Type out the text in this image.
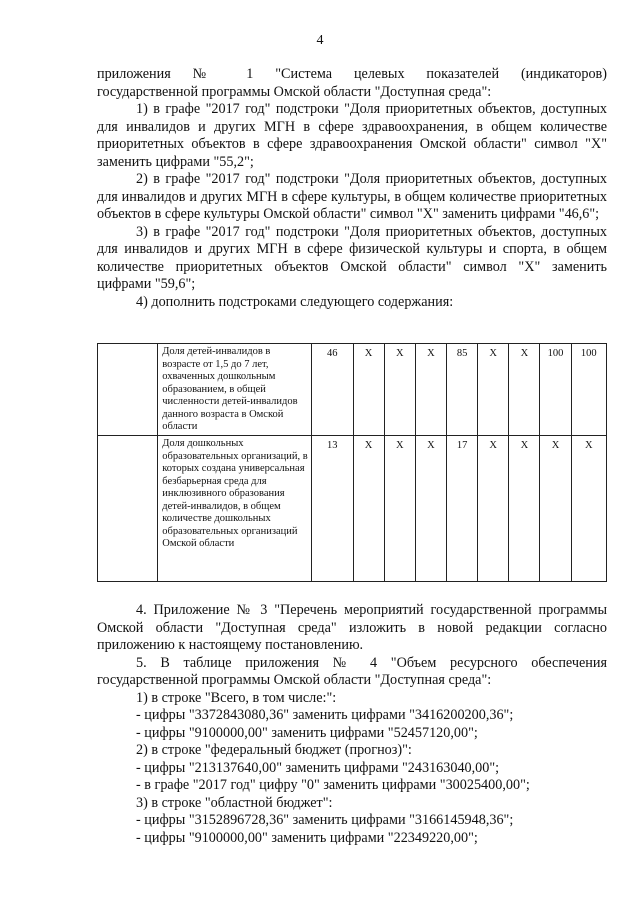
4

приложения № 1 "Система целевых показателей (индикаторов)

государственной программы Омской области "Доступная среда":

1) в графе "2017 год" подстроки "Доля приоритетных объектов, доступных для инвалидов и других МГН в сфере здравоохранения, в общем количестве приоритетных объектов в сфере здравоохранения Омской области" символ "Х" заменить цифрами "55,2";

2) в графе "2017 год" подстроки "Доля приоритетных объектов, доступных для инвалидов и других МГН в сфере культуры, в общем количестве приоритетных объектов в сфере культуры Омской области" символ "Х" заменить цифрами "46,6";

3) в графе "2017 год" подстроки "Доля приоритетных объектов, доступных для инвалидов и других МГН в сфере физической культуры и спорта, в общем количестве приоритетных объектов Омской области" символ "Х" заменить цифрами "59,6";

4) дополнить подстроками следующего содержания:

	Доля детей-инвалидов в возрасте от 1,5 до 7 лет, охваченных дошкольным образованием, в общей численности детей-инвалидов данного возраста в Омской области	46	Х	Х	Х	85	Х	Х	100	100
	Доля дошкольных образовательных организаций, в которых создана универсальная безбарьерная среда для инклюзивного образования детей-инвалидов, в общем количестве дошкольных образовательных организаций Омской области	13	Х	Х	Х	17	Х	Х	Х	Х

4. Приложение № 3 "Перечень мероприятий государственной программы Омской области "Доступная среда" изложить в новой редакции согласно приложению к настоящему постановлению.

5. В таблице приложения № 4 "Объем ресурсного обеспечения государственной программы Омской области "Доступная среда":

1) в строке "Всего, в том числе:":

- цифры "3372843080,36" заменить цифрами "3416200200,36";

- цифры "9100000,00" заменить цифрами "52457120,00";

2) в строке "федеральный бюджет (прогноз)":

- цифры "213137640,00" заменить цифрами "243163040,00";

- в графе "2017 год" цифру "0" заменить цифрами "30025400,00";

3) в строке "областной бюджет":

- цифры "3152896728,36" заменить цифрами "3166145948,36";

- цифры "9100000,00" заменить цифрами "22349220,00";
